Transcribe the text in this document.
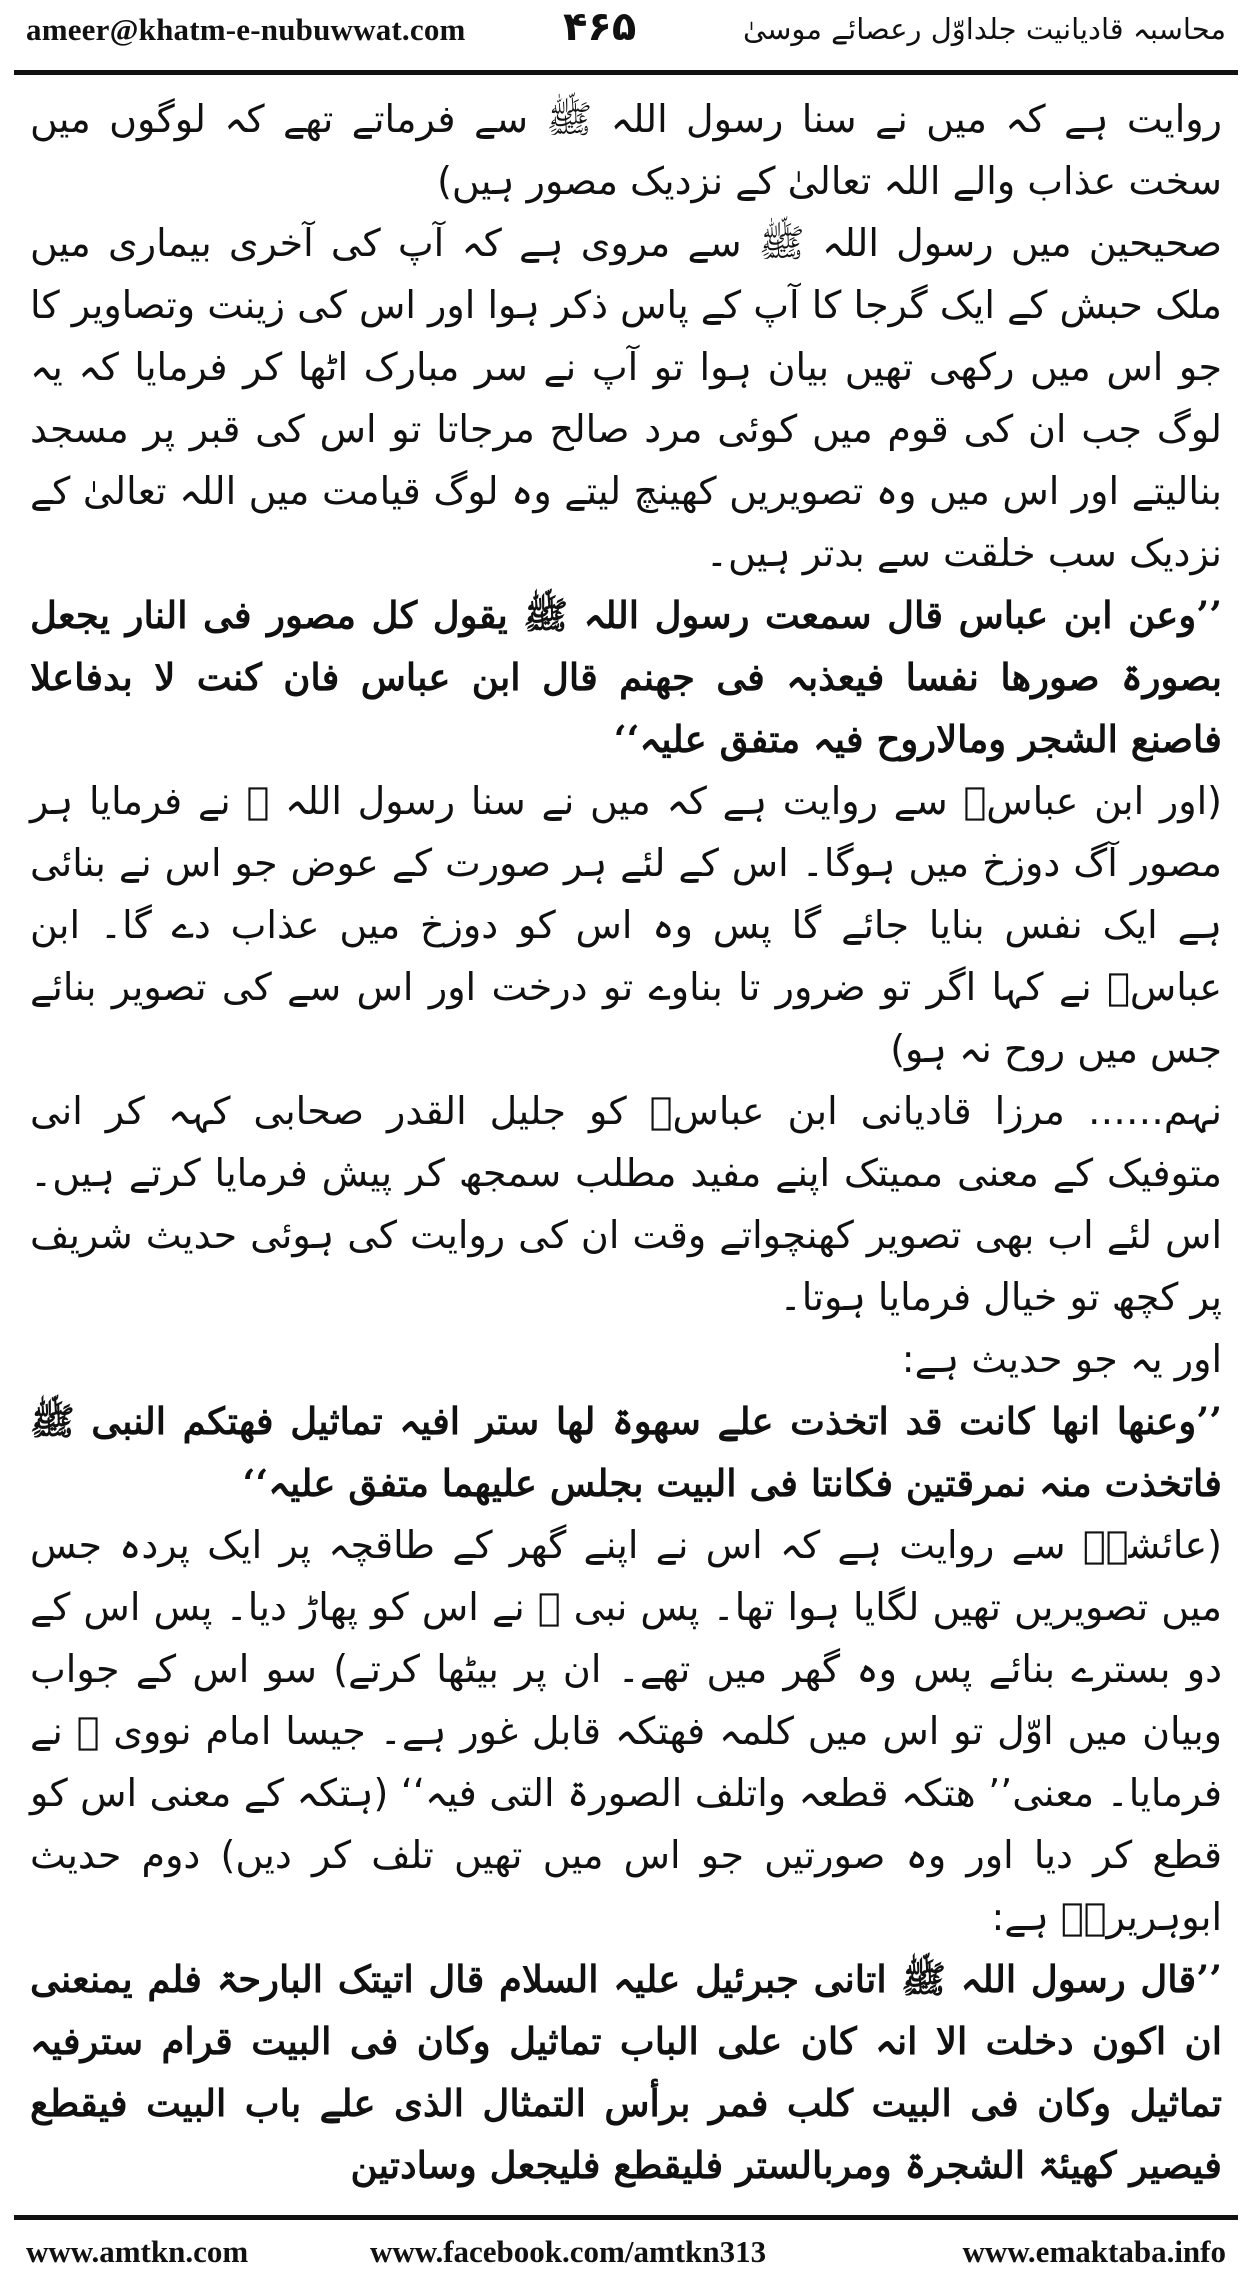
ameer@khatm-e-nubuwwat.com ۴۶۵	محاسبہ قادیانیت جلداوّل رعصائے موسیٰ

روایت ہے کہ میں نے سنا رسول اللہ ﷺ سے فرماتے تھے کہ لوگوں میں سخت عذاب والے اللہ تعالیٰ کے نزدیک مصور ہیں)

صحیحین میں رسول اللہ ﷺ سے مروی ہے کہ آپ کی آخری بیماری میں ملک حبش کے ایک گرجا کا آپ کے پاس ذکر ہوا اور اس کی زینت وتصاویر کا جو اس میں رکھی تھیں بیان ہوا تو آپ نے سر مبارک اٹھا کر فرمایا کہ یہ لوگ جب ان کی قوم میں کوئی مرد صالح مرجاتا تو اس کی قبر پر مسجد بنالیتے اور اس میں وہ تصویریں کھینچ لیتے وہ لوگ قیامت میں اللہ تعالیٰ کے نزدیک سب خلقت سے بدتر ہیں۔

’’وعن ابن عباس قال سمعت رسول اللہ ﷺ یقول کل مصور فی النار یجعل بصورۃ صورھا نفسا فیعذبہ فی جھنم قال ابن عباس فان کنت لا بدفاعلا فاصنع الشجر ومالاروح فیہ متفق علیہ‘‘

(اور ابن عباسؓ سے روایت ہے کہ میں نے سنا رسول اللہ ﷺ نے فرمایا ہر مصور آگ دوزخ میں ہوگا۔ اس کے لئے ہر صورت کے عوض جو اس نے بنائی ہے ایک نفس بنایا جائے گا پس وہ اس کو دوزخ میں عذاب دے گا۔ ابن عباسؓ نے کہا اگر تو ضرور تا بناوے تو درخت اور اس سے کی تصویر بنائے جس میں روح نہ ہو)

نہم…… مرزا قادیانی ابن عباسؓ کو جلیل القدر صحابی کہہ کر انی متوفیک کے معنی ممیتک اپنے مفید مطلب سمجھ کر پیش فرمایا کرتے ہیں۔ اس لئے اب بھی تصویر کھنچواتے وقت ان کی روایت کی ہوئی حدیث شریف پر کچھ تو خیال فرمایا ہوتا۔

اور یہ جو حدیث ہے:

’’وعنھا انھا کانت قد اتخذت علے سھوۃ لھا ستر افیہ تماثیل فھتکم النبی ﷺ فاتخذت منہ نمرقتین فکانتا فی البیت بجلس علیھما متفق علیہ‘‘

(عائشہؓ سے روایت ہے کہ اس نے اپنے گھر کے طاقچہ پر ایک پردہ جس میں تصویریں تھیں لگایا ہوا تھا۔ پس نبی ﷺ نے اس کو پھاڑ دیا۔ پس اس کے دو بسترے بنائے پس وہ گھر میں تھے۔ ان پر بیٹھا کرتے) سو اس کے جواب وبیان میں اوّل تو اس میں کلمہ فھتکہ قابل غور ہے۔ جیسا امام نووی ؒ نے فرمایا۔ معنی’’ ھتکہ قطعہ واتلف الصورۃ التی فیہ‘‘ (ہتکہ کے معنی اس کو قطع کر دیا اور وہ صورتیں جو اس میں تھیں تلف کر دیں) دوم حدیث ابوہریرہؓ ہے:

’’قال رسول اللہ ﷺ اتانی جبرئیل علیہ السلام قال اتیتک البارحۃ فلم یمنعنی ان اکون دخلت الا انہ کان علی الباب تماثیل وکان فی البیت قرام سترفیہ تماثیل وکان فی البیت کلب فمر برأس التمثال الذی علے باب البیت فیقطع فیصیر کھیئۃ الشجرۃ ومربالستر فلیقطع فلیجعل وسادتین

www.amtkn.com	www.facebook.com/amtkn313	www.emaktaba.info
